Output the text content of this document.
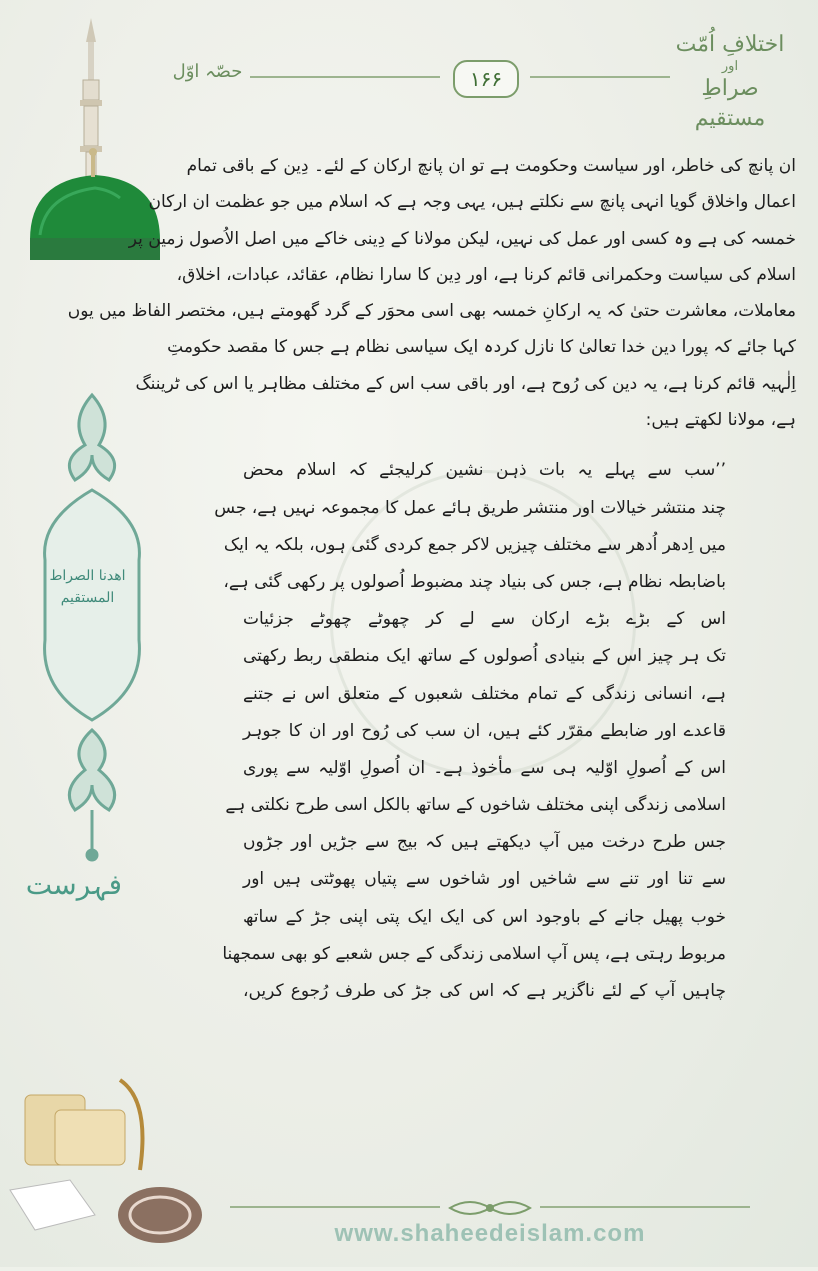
اھدنا الصراط المستقیم
فہرست
حصّہ اوّل	۱۶۶
اختلافِ اُمّت
اور
صراطِ مستقیم

ان پانچ کی خاطر، اور سیاست وحکومت ہے تو ان پانچ ارکان کے لئے۔ دِین کے باقی تمام

اعمال واخلاق گویا انہی پانچ سے نکلتے ہیں، یہی وجہ ہے کہ اسلام میں جو عظمت ان ارکان

خمسہ کی ہے وہ کسی اور عمل کی نہیں، لیکن مولانا کے دِینی خاکے میں اصل الاُصول زمین پر

اسلام کی سیاست وحکمرانی قائم کرنا ہے، اور دِین کا سارا نظام، عقائد، عبادات، اخلاق،

معاملات، معاشرت حتیٰ کہ یہ ارکانِ خمسہ بھی اسی محوَر کے گرد گھومتے ہیں، مختصر الفاظ میں یوں

کہا جائے کہ پورا دین خدا تعالیٰ کا نازل کردہ ایک سیاسی نظام ہے جس کا مقصد حکومتِ

اِلٰہیہ قائم کرنا ہے، یہ دین کی رُوح ہے، اور باقی سب اس کے مختلف مظاہر یا اس کی ٹریننگ

ہے، مولانا لکھتے ہیں:

’’سب سے پہلے یہ بات ذہن نشین کرلیجئے کہ اسلام محض

چند منتشر خیالات اور منتشر طریق ہائے عمل کا مجموعہ نہیں ہے، جس

میں اِدھر اُدھر سے مختلف چیزیں لاکر جمع کردی گئی ہوں، بلکہ یہ ایک

باضابطہ نظام ہے، جس کی بنیاد چند مضبوط اُصولوں پر رکھی گئی ہے،

اس کے بڑے بڑے ارکان سے لے کر چھوٹے چھوٹے جزئیات

تک ہر چیز اس کے بنیادی اُصولوں کے ساتھ ایک منطقی ربط رکھتی

ہے، انسانی زندگی کے تمام مختلف شعبوں کے متعلق اس نے جتنے

قاعدے اور ضابطے مقرّر کئے ہیں، ان سب کی رُوح اور ان کا جوہر

اس کے اُصولِ اوّلیہ ہی سے مأخوذ ہے۔ ان اُصولِ اوّلیہ سے پوری

اسلامی زندگی اپنی مختلف شاخوں کے ساتھ بالکل اسی طرح نکلتی ہے

جس طرح درخت میں آپ دیکھتے ہیں کہ بیج سے جڑیں اور جڑوں

سے تنا اور تنے سے شاخیں اور شاخوں سے پتیاں پھوٹتی ہیں اور

خوب پھیل جانے کے باوجود اس کی ایک ایک پتی اپنی جڑ کے ساتھ

مربوط رہتی ہے، پس آپ اسلامی زندگی کے جس شعبے کو بھی سمجھنا

چاہیں آپ کے لئے ناگزیر ہے کہ اس کی جڑ کی طرف رُجوع کریں،

www.shaheedeislam.com
